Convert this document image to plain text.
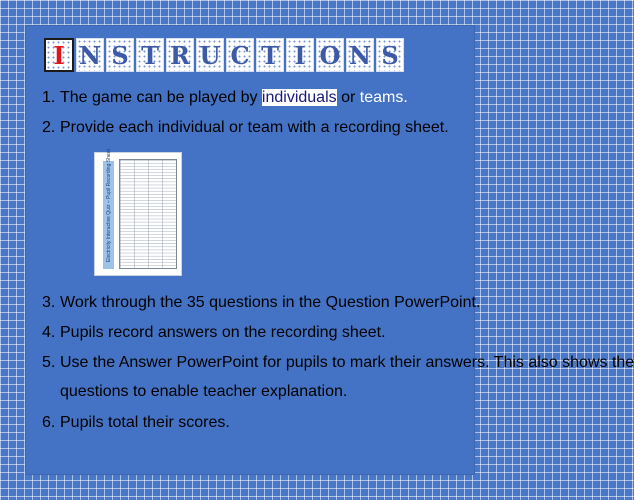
I N S T R U C T I O N S
1. The game can be played by individuals or teams.
2. Provide each individual or team with a recording sheet.
3. Work through the 35 questions in the Question PowerPoint.
4. Pupils record answers on the recording sheet.
5. Use the Answer PowerPoint for pupils to mark their answers. This also shows the
questions to enable teacher explanation.
6. Pupils total their scores.
Electricity Interactive Quiz – Pupil Recording Sheet
